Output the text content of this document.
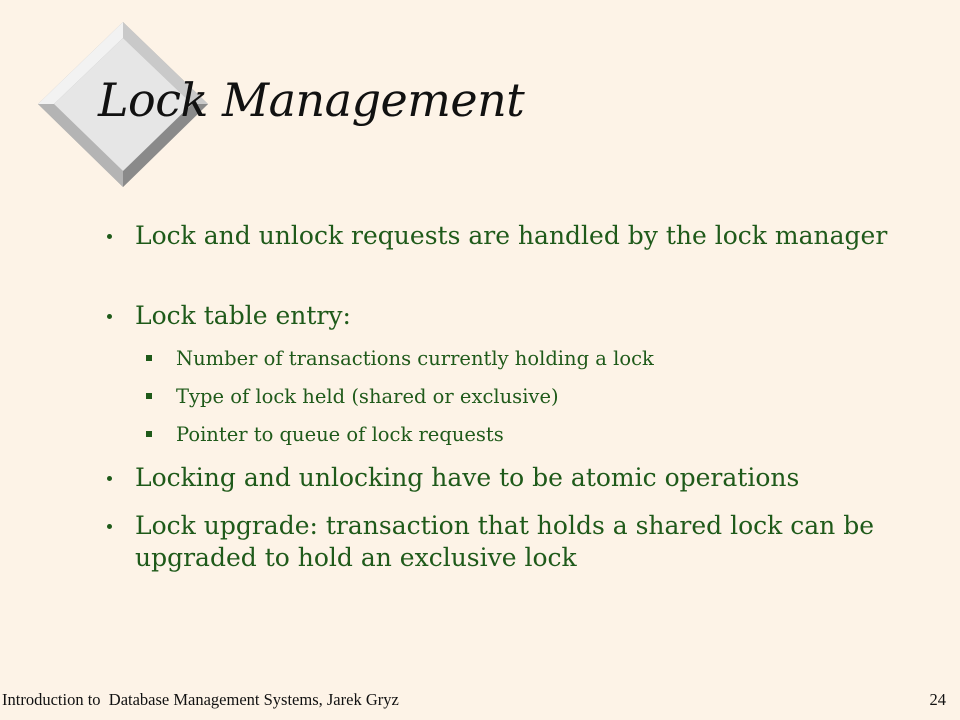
Lock Management
Lock and unlock requests are handled by the lock manager
Lock table entry:
Number of transactions currently holding a lock
Type of lock held (shared or exclusive)
Pointer to queue of lock requests
Locking and unlocking have to be atomic operations
Lock upgrade: transaction that holds a shared lock can be upgraded to hold an exclusive lock
Introduction to  Database Management Systems, Jarek Gryz	24
